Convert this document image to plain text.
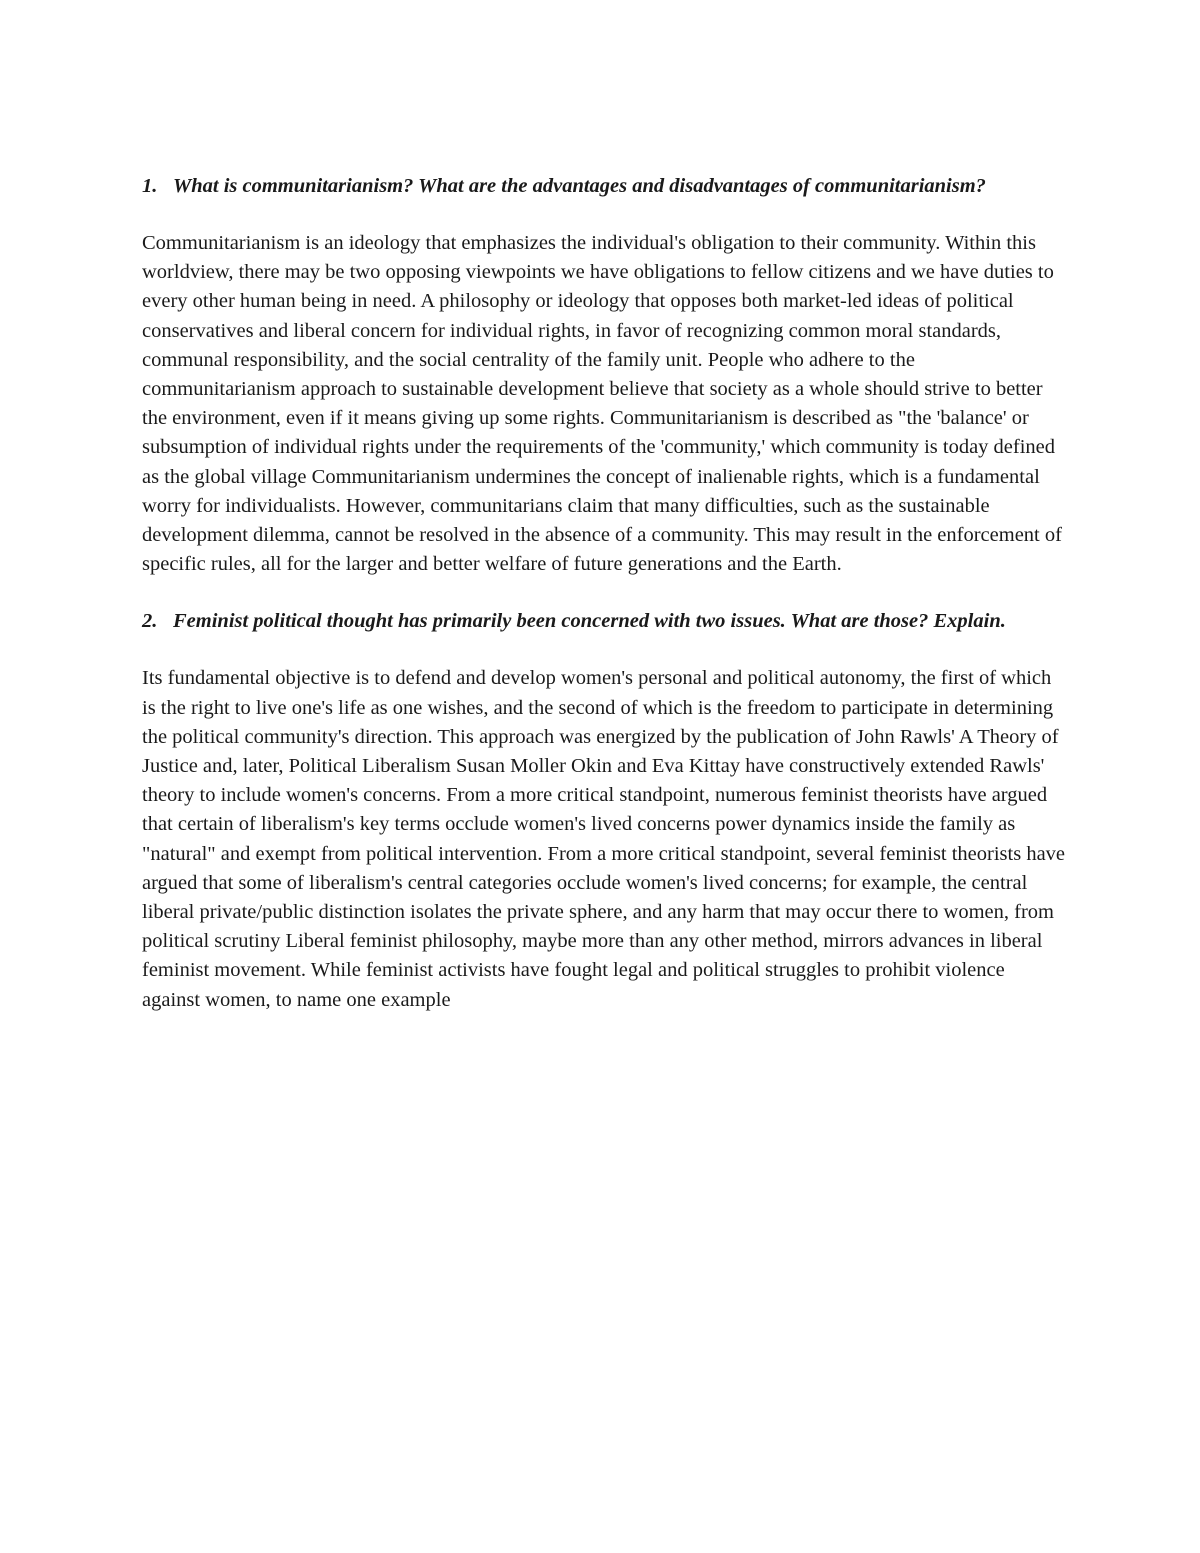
1. What is communitarianism? What are the advantages and disadvantages of communitarianism?

Communitarianism is an ideology that emphasizes the individual's obligation to their community. Within this worldview, there may be two opposing viewpoints we have obligations to fellow citizens and we have duties to every other human being in need. A philosophy or ideology that opposes both market-led ideas of political conservatives and liberal concern for individual rights, in favor of recognizing common moral standards, communal responsibility, and the social centrality of the family unit. People who adhere to the communitarianism approach to sustainable development believe that society as a whole should strive to better the environment, even if it means giving up some rights. Communitarianism is described as "the 'balance' or subsumption of individual rights under the requirements of the 'community,' which community is today defined as the global village Communitarianism undermines the concept of inalienable rights, which is a fundamental worry for individualists. However, communitarians claim that many difficulties, such as the sustainable development dilemma, cannot be resolved in the absence of a community. This may result in the enforcement of specific rules, all for the larger and better welfare of future generations and the Earth.

2. Feminist political thought has primarily been concerned with two issues. What are those? Explain.

Its fundamental objective is to defend and develop women's personal and political autonomy, the first of which is the right to live one's life as one wishes, and the second of which is the freedom to participate in determining the political community's direction. This approach was energized by the publication of John Rawls' A Theory of Justice and, later, Political Liberalism Susan Moller Okin and Eva Kittay have constructively extended Rawls' theory to include women's concerns. From a more critical standpoint, numerous feminist theorists have argued that certain of liberalism's key terms occlude women's lived concerns power dynamics inside the family as "natural" and exempt from political intervention. From a more critical standpoint, several feminist theorists have argued that some of liberalism's central categories occlude women's lived concerns; for example, the central liberal private/public distinction isolates the private sphere, and any harm that may occur there to women, from political scrutiny Liberal feminist philosophy, maybe more than any other method, mirrors advances in liberal feminist movement. While feminist activists have fought legal and political struggles to prohibit violence against women, to name one example
